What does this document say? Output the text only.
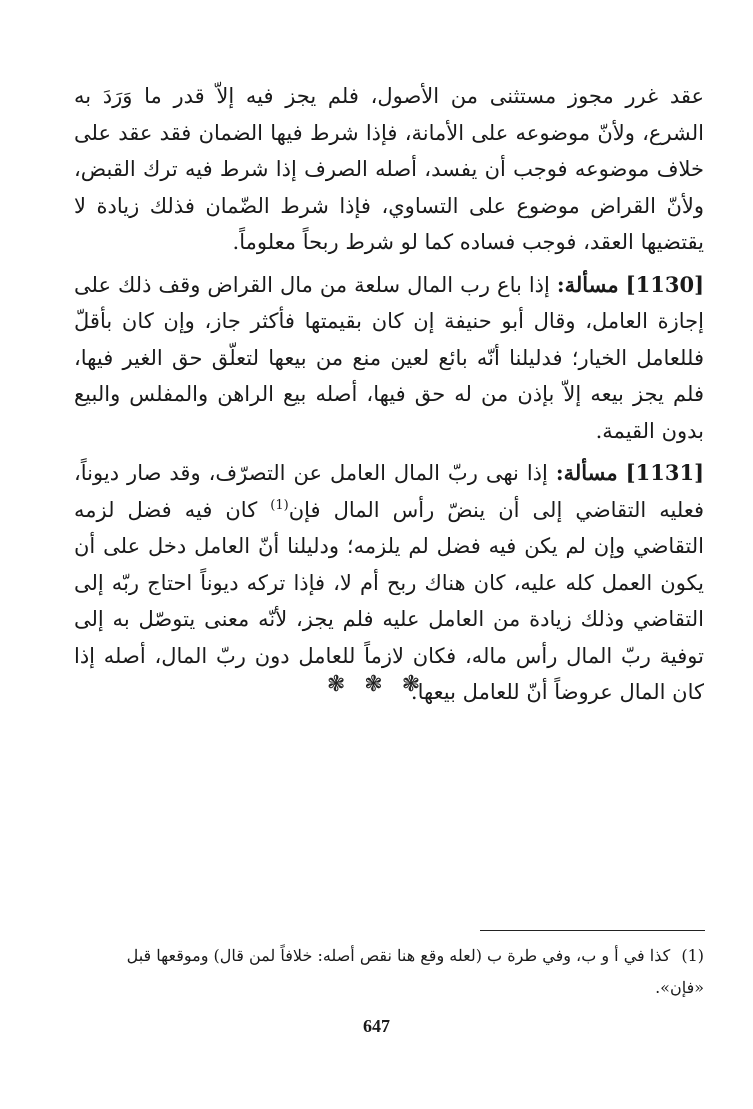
عقد غرر مجوز مستثنى من الأصول، فلم يجز فيه إلاّ قدر ما وَرَدَ به الشرع، ولأنّ موضوعه على الأمانة، فإذا شرط فيها الضمان فقد عقد على خلاف موضوعه فوجب أن يفسد، أصله الصرف إذا شرط فيه ترك القبض، ولأنّ القراض موضوع على التساوي، فإذا شرط الضّمان فذلك زيادة لا يقتضيها العقد، فوجب فساده كما لو شرط ربحاً معلوماً.

[1130] مسألة: إذا باع رب المال سلعة من مال القراض وقف ذلك على إجازة العامل، وقال أبو حنيفة إن كان بقيمتها فأكثر جاز، وإن كان بأقلّ فللعامل الخيار؛ فدليلنا أنّه بائع لعين منع من بيعها لتعلّق حق الغير فيها، فلم يجز بيعه إلاّ بإذن من له حق فيها، أصله بيع الراهن والمفلس والبيع بدون القيمة.

[1131] مسألة: إذا نهى ربّ المال العامل عن التصرّف، وقد صار ديوناً، فعليه التقاضي إلى أن ينضّ رأس المال فإن$^{(1)}$ كان فيه فضل لزمه التقاضي وإن لم يكن فيه فضل لم يلزمه؛ ودليلنا أنّ العامل دخل على أن يكون العمل كله عليه، كان هناك ربح أم لا، فإذا تركه ديوناً احتاج ربّه إلى التقاضي وذلك زيادة من العامل عليه فلم يجز، لأنّه معنى يتوصّل به إلى توفية ربّ المال رأس ماله، فكان لازماً للعامل دون ربّ المال، أصله إذا كان المال عروضاً أنّ للعامل بيعها.

❃ ❃ ❃

(1) كذا في أ و ب، وفي طرة ب (لعله وقع هنا نقص أصله: خلافاً لمن قال) وموقعها قبل «فإن».

647
